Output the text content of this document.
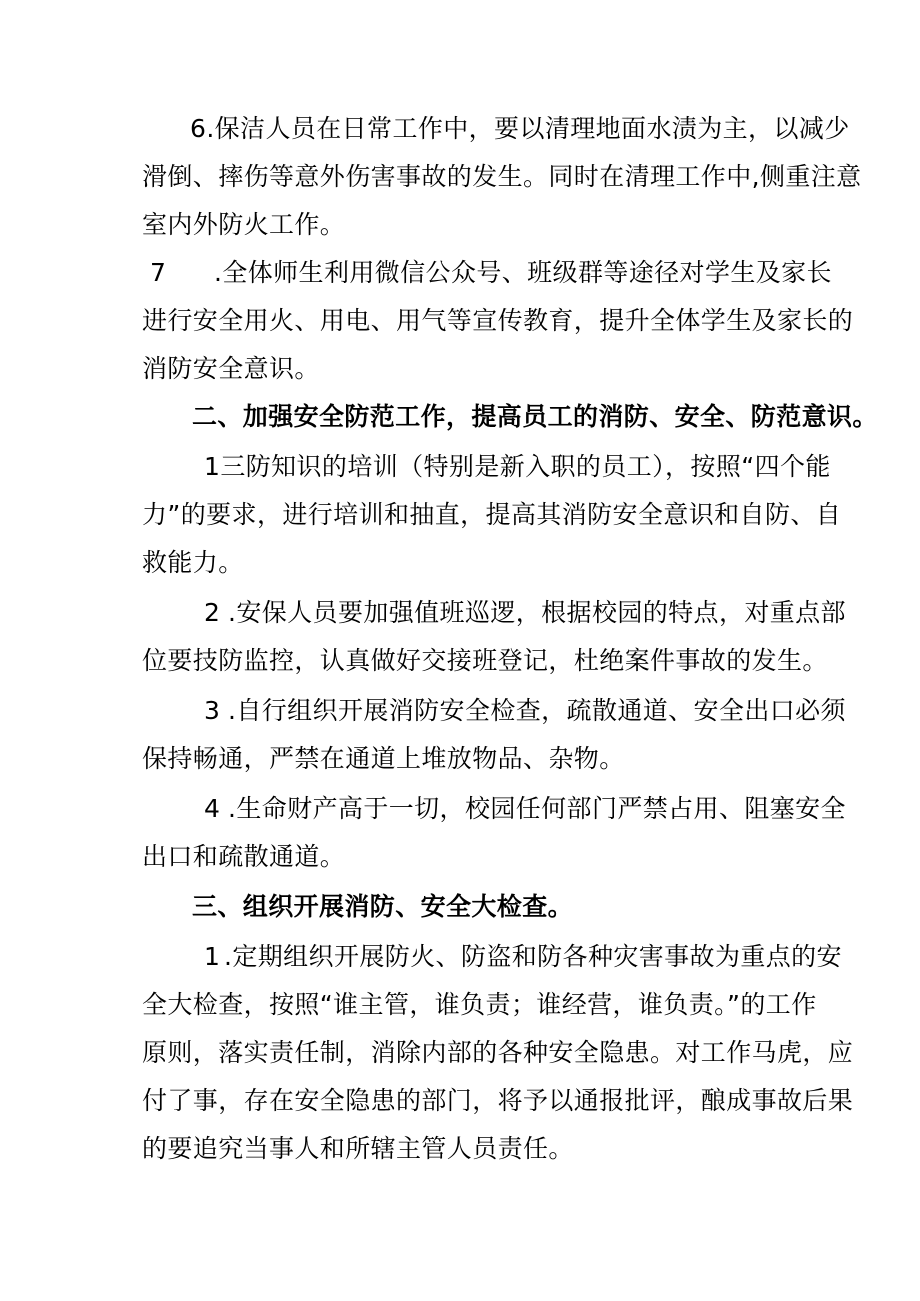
6.保洁人员在日常工作中，要以清理地面水渍为主，以减少
滑倒、摔伤等意外伤害事故的发生。同时在清理工作中,侧重注意
室内外防火工作。
7 .全体师生利用微信公众号、班级群等途径对学生及家长
进行安全用火、用电、用气等宣传教育，提升全体学生及家长的
消防安全意识。
二、加强安全防范工作，提高员工的消防、安全、防范意识。
1三防知识的培训（特别是新入职的员工），按照“四个能
力”的要求，进行培训和抽直，提高其消防安全意识和自防、自
救能力。
2 .安保人员要加强值班巡逻，根据校园的特点，对重点部
位要技防监控，认真做好交接班登记，杜绝案件事故的发生。
3 .自行组织开展消防安全检查，疏散通道、安全出口必须
保持畅通，严禁在通道上堆放物品、杂物。
4 .生命财产高于一切，校园任何部门严禁占用、阻塞安全
出口和疏散通道。
三、组织开展消防、安全大检查。
1 .定期组织开展防火、防盗和防各种灾害事故为重点的安
全大检查，按照“谁主管，谁负责；谁经营，谁负责。”的工作
原则，落实责任制，消除内部的各种安全隐患。对工作马虎，应
付了事，存在安全隐患的部门，将予以通报批评，酿成事故后果
的要追究当事人和所辖主管人员责任。
